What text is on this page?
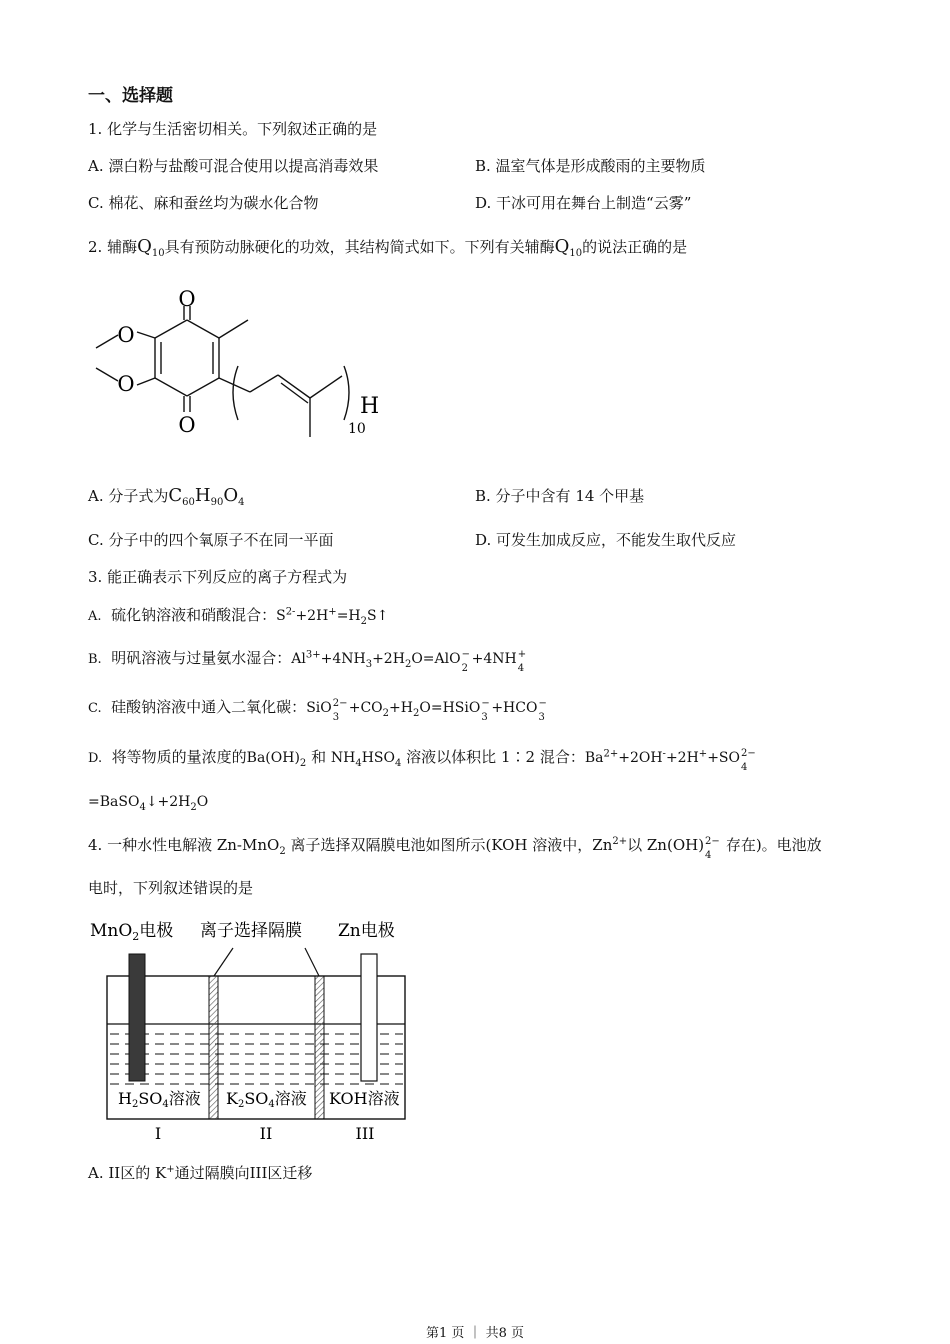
一、选择题
1. 化学与生活密切相关。下列叙述正确的是
A. 漂白粉与盐酸可混合使用以提高消毒效果	B. 温室气体是形成酸雨的主要物质
C. 棉花、麻和蚕丝均为碳水化合物	D. 干冰可用在舞台上制造“云雾”
2. 辅酶$Q_{10}$具有预防动脉硬化的功效，其结构简式如下。下列有关辅酶$Q_{10}$的说法正确的是
O
O
O
O
H
10
A. 分子式为$C_{60}H_{90}O_4$	B. 分子中含有 14 个甲基
C. 分子中的四个氧原子不在同一平面	D. 可发生加成反应，不能发生取代反应
3. 能正确表示下列反应的离子方程式为
A. 硫化钠溶液和硝酸混合：$S^{2-}+2H^+=H_2S↑$
B. 明矾溶液与过量氨水湿合：$Al^{3+}+4NH_3+2H_2O=AlO$ −
2
+4NH +
4
C. 硅酸钠溶液中通入二氧化碳：SiO 2−
3
$+CO_2+H_2O=HSiO$ −
3
+HCO −
3
D. 将等物质的量浓度的$Ba(OH)_2$ 和 $NH_4HSO_4$ 溶液以体积比 1∶2 混合：$Ba^{2+}+2OH^-+2H^++SO$ 2−
4
$=BaSO_4↓+2H_2O$
4. 一种水性电解液 Zn-MnO$_2$ 离子选择双隔膜电池如图所示(KOH 溶液中，$Zn^{2+}$以 Zn(OH) 2−
4
存在)。电池放
电时，下列叙述错误的是
MnO$_2$电极 离子选择隔膜 Zn电极
H2SO4溶液 K2SO4溶液 KOH溶液
I	II	III
A. II区的 K+通过隔膜向III区迁移
第1 页 ｜ 共8 页
